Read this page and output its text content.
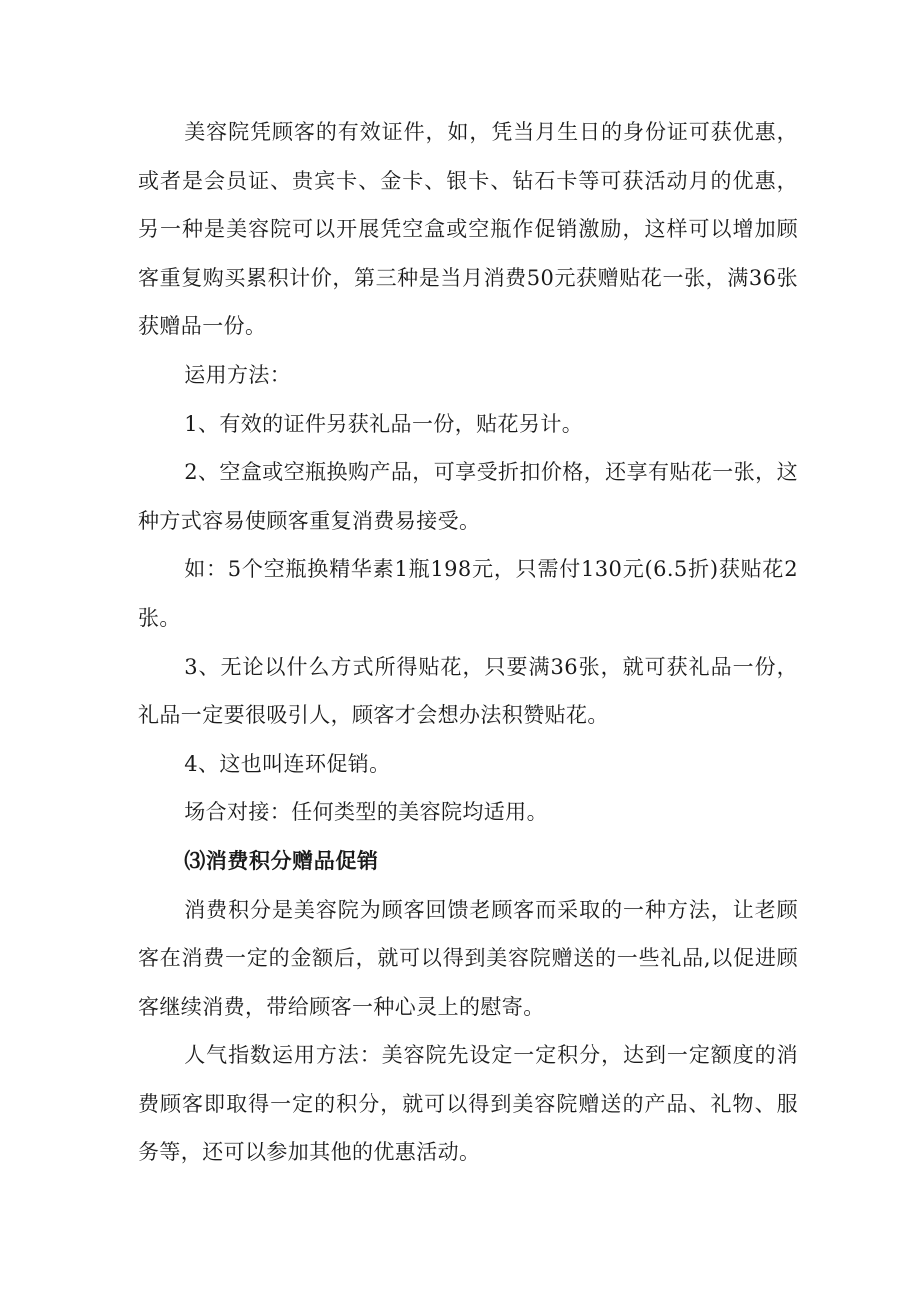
美容院凭顾客的有效证件，如，凭当月生日的身份证可获优惠，或者是会员证、贵宾卡、金卡、银卡、钻石卡等可获活动月的优惠，另一种是美容院可以开展凭空盒或空瓶作促销激励，这样可以增加顾客重复购买累积计价，第三种是当月消费50元获赠贴花一张，满36张获赠品一份。

运用方法：

1、有效的证件另获礼品一份，贴花另计。

2、空盒或空瓶换购产品，可享受折扣价格，还享有贴花一张，这种方式容易使顾客重复消费易接受。

如：5个空瓶换精华素1瓶198元，只需付130元(6.5折)获贴花2张。

3、无论以什么方式所得贴花，只要满36张，就可获礼品一份，礼品一定要很吸引人，顾客才会想办法积赞贴花。

4、这也叫连环促销。

场合对接：任何类型的美容院均适用。

⑶消费积分赠品促销

消费积分是美容院为顾客回馈老顾客而采取的一种方法，让老顾客在消费一定的金额后，就可以得到美容院赠送的一些礼品,以促进顾客继续消费，带给顾客一种心灵上的慰寄。

人气指数运用方法：美容院先设定一定积分，达到一定额度的消费顾客即取得一定的积分，就可以得到美容院赠送的产品、礼物、服务等，还可以参加其他的优惠活动。
